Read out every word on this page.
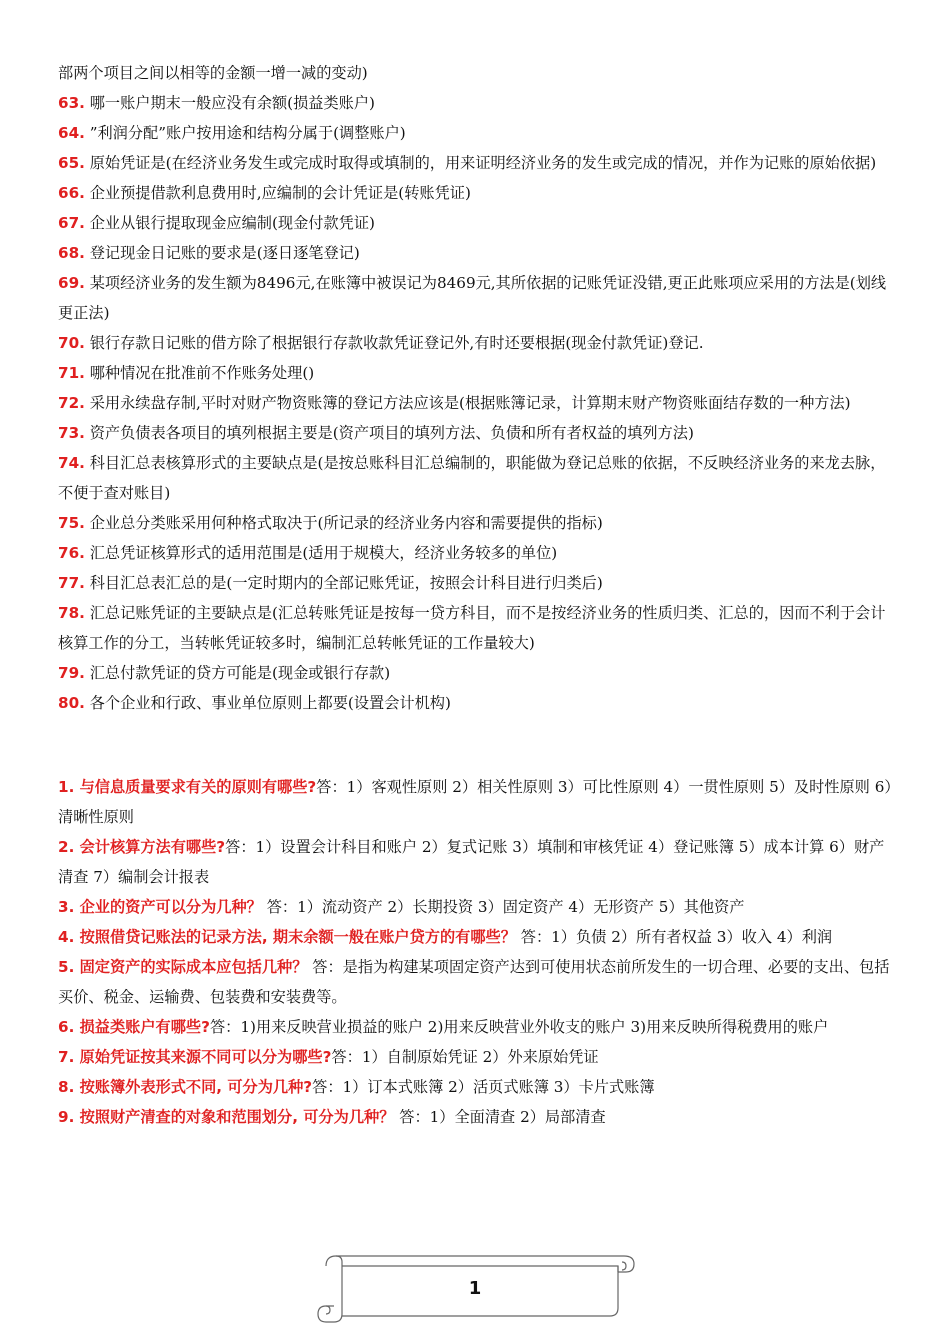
部两个项目之间以相等的金额一增一减的变动)

63. 哪一账户期末一般应没有余额(损益类账户)

64. ”利润分配”账户按用途和结构分属于(调整账户)

65. 原始凭证是(在经济业务发生或完成时取得或填制的，用来证明经济业务的发生或完成的情况，并作为记账的原始依据)

66. 企业预提借款利息费用时,应编制的会计凭证是(转账凭证)

67. 企业从银行提取现金应编制(现金付款凭证)

68. 登记现金日记账的要求是(逐日逐笔登记)

69. 某项经济业务的发生额为8496元,在账簿中被误记为8469元,其所依据的记账凭证没错,更正此账项应采用的方法是(划线更正法)

70. 银行存款日记账的借方除了根据银行存款收款凭证登记外,有时还要根据(现金付款凭证)登记.

71. 哪种情况在批准前不作账务处理()

72. 采用永续盘存制,平时对财产物资账簿的登记方法应该是(根据账簿记录，计算期末财产物资账面结存数的一种方法)

73. 资产负债表各项目的填列根据主要是(资产项目的填列方法、负债和所有者权益的填列方法)

74. 科目汇总表核算形式的主要缺点是(是按总账科目汇总编制的，职能做为登记总账的依据，不反映经济业务的来龙去脉，不便于查对账目)

75. 企业总分类账采用何种格式取决于(所记录的经济业务内容和需要提供的指标)

76. 汇总凭证核算形式的适用范围是(适用于规模大，经济业务较多的单位)

77. 科目汇总表汇总的是(一定时期内的全部记账凭证，按照会计科目进行归类后)

78. 汇总记账凭证的主要缺点是(汇总转账凭证是按每一贷方科目，而不是按经济业务的性质归类、汇总的，因而不利于会计核算工作的分工，当转帐凭证较多时，编制汇总转帐凭证的工作量较大)

79. 汇总付款凭证的贷方可能是(现金或银行存款)

80. 各个企业和行政、事业单位原则上都要(设置会计机构)

1. 与信息质量要求有关的原则有哪些?答：1）客观性原则 2）相关性原则 3）可比性原则 4）一贯性原则 5）及时性原则 6）清晰性原则

2. 会计核算方法有哪些?答：1）设置会计科目和账户 2）复式记账 3）填制和审核凭证 4）登记账簿 5）成本计算 6）财产清查 7）编制会计报表

3. 企业的资产可以分为几种？ 答：1）流动资产 2）长期投资 3）固定资产 4）无形资产 5）其他资产

4. 按照借贷记账法的记录方法, 期末余额一般在账户贷方的有哪些？ 答：1）负债 2）所有者权益 3）收入 4）利润

5. 固定资产的实际成本应包括几种？ 答：是指为构建某项固定资产达到可使用状态前所发生的一切合理、必要的支出、包括买价、税金、运输费、包装费和安装费等。

6. 损益类账户有哪些?答：1)用来反映营业损益的账户 2)用来反映营业外收支的账户 3)用来反映所得税费用的账户

7. 原始凭证按其来源不同可以分为哪些?答：1）自制原始凭证 2）外来原始凭证

8. 按账簿外表形式不同, 可分为几种?答：1）订本式账簿 2）活页式账簿 3）卡片式账簿

9. 按照财产清查的对象和范围划分, 可分为几种？ 答：1）全面清查 2）局部清查

1
